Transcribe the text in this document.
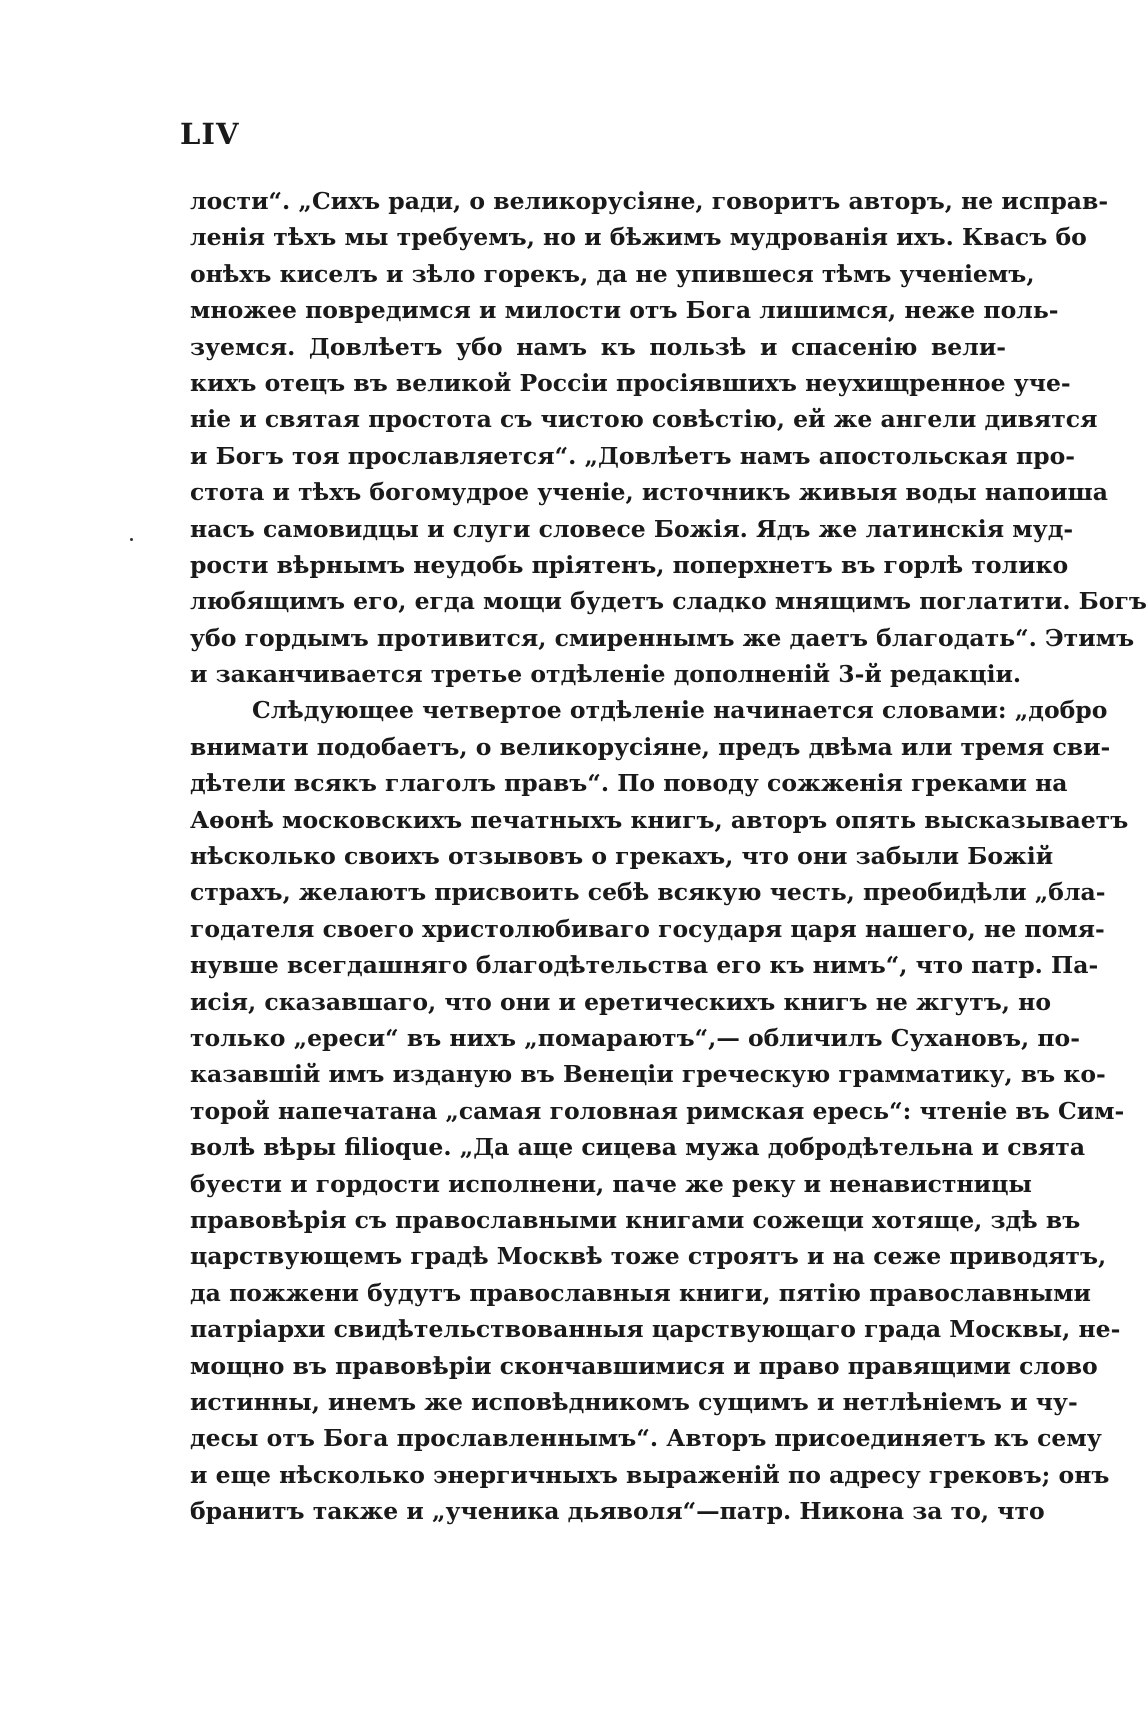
LIV
лости“. „Сихъ ради, о великорусіяне, говоритъ авторъ, не исправ-
ленія тѣхъ мы требуемъ, но и бѣжимъ мудрованія ихъ. Квасъ бо
онѣхъ киселъ и зѣло горекъ, да не упившеся тѣмъ ученіемъ,
множее повредимся и милости отъ Бога лишимся, неже поль-
зуемся. Довлѣетъ убо намъ къ пользѣ и спасенію вели-
кихъ отецъ въ великой Россіи просіявшихъ неухищренное уче-
ніе и святая простота съ чистою совѣстію, ей же ангели дивятся
и Богъ тоя прославляется“. „Довлѣетъ намъ апостольская про-
стота и тѣхъ богомудрое ученіе, источникъ живыя воды напоиша
насъ самовидцы и слуги словесе Божія. Ядъ же латинскія муд-
рости вѣрнымъ неудобь пріятенъ, поперхнетъ въ горлѣ толико
любящимъ его, егда мощи будетъ сладко мнящимъ поглатити. Богъ
убо гордымъ противится, смиреннымъ же даетъ благодать“. Этимъ
и заканчивается третье отдѣленіе дополненій 3-й редакціи.
Слѣдующее четвертое отдѣленіе начинается словами: „добро
внимати подобаетъ, о великорусіяне, предъ двѣма или тремя сви-
дѣтели всякъ глаголъ правъ“. По поводу сожженія греками на
Аѳонѣ московскихъ печатныхъ книгъ, авторъ опять высказываетъ
нѣсколько своихъ отзывовъ о грекахъ, что они забыли Божій
страхъ, желаютъ присвоить себѣ всякую честь, преобидѣли „бла-
годателя своего христолюбиваго государя царя нашего, не помя-
нувше всегдашняго благодѣтельства его къ нимъ“, что патр. Па-
исія, сказавшаго, что они и еретическихъ книгъ не жгутъ, но
только „ереси“ въ нихъ „помараютъ“,— обличилъ Сухановъ, по-
казавшій имъ изданую въ Венеціи греческую грамматику, въ ко-
торой напечатана „самая головная римская ересь“: чтеніе въ Сим-
волѣ вѣры filioque. „Да аще сицева мужа добродѣтельна и свята
буести и гордости исполнени, паче же реку и ненавистницы
правовѣрія съ православными книгами сожещи хотяще, здѣ въ
царствующемъ градѣ Москвѣ тоже строятъ и на сеже приводятъ,
да пожжени будутъ православныя книги, пятію православными
патріархи свидѣтельствованныя царствующаго града Москвы, не-
мощно въ правовѣріи скончавшимися и право правящими слово
истинны, инемъ же исповѣдникомъ сущимъ и нетлѣніемъ и чу-
десы отъ Бога прославленнымъ“. Авторъ присоединяетъ къ сему
и еще нѣсколько энергичныхъ выраженій по адресу грековъ; онъ
бранитъ также и „ученика дьяволя“—патр. Никона за то, что
